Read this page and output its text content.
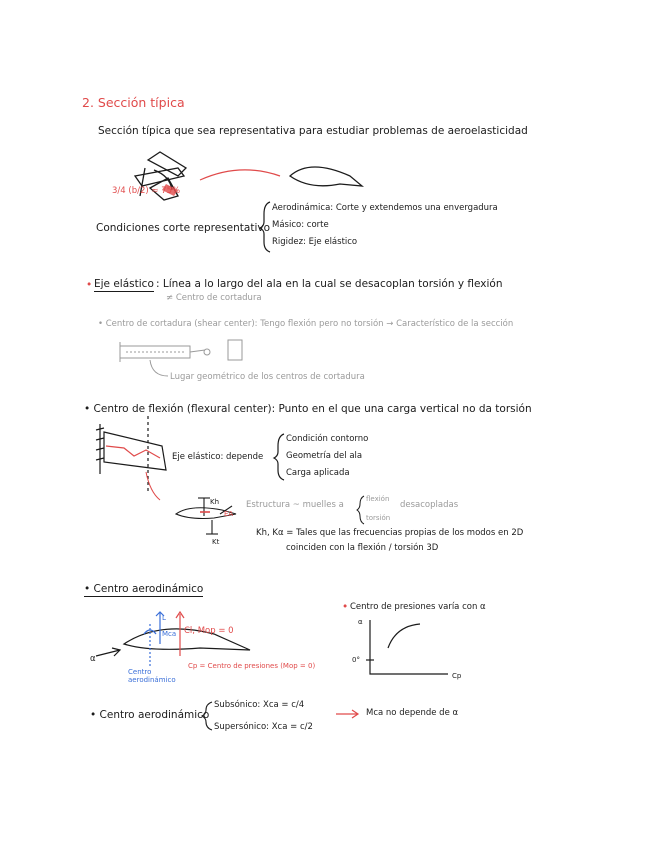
2. Sección típica
Sección típica que sea representativa para estudiar problemas de aeroelasticidad
3/4 (b/2) ≈ 75%
Condiciones corte representativo
Aerodinámica: Corte y extendemos una envergadura
Másico: corte
Rigidez: Eje elástico
• Eje elástico : Línea a lo largo del ala en la cual se desacoplan torsión y flexión
≠ Centro de cortadura
• Centro de cortadura (shear center): Tengo flexión pero no torsión → Característico de la sección
Lugar geométrico de los centros de cortadura
• Centro de flexión (flexural center): Punto en el que una carga vertical no da torsión
Eje elástico: depende
Condición contorno
Geometría del ala
Carga aplicada
Estructura ~ muelles a
flexión
torsión
desacopladas
Kh
Kt
EA
Kh, Kα = Tales que las frecuencias propias de los modos en 2D
coinciden con la flexión / torsión 3D
• Centro aerodinámico
L
Mca Cl, Mop = 0
Cp = Centro de presiones (Mop = 0)
Centro aerodinámico
α
• Centro de presiones varía con α
α
Cp
0°
• Centro aerodinámico
Subsónico: Xca = c/4
Supersónico: Xca = c/2
Mca no depende de α
